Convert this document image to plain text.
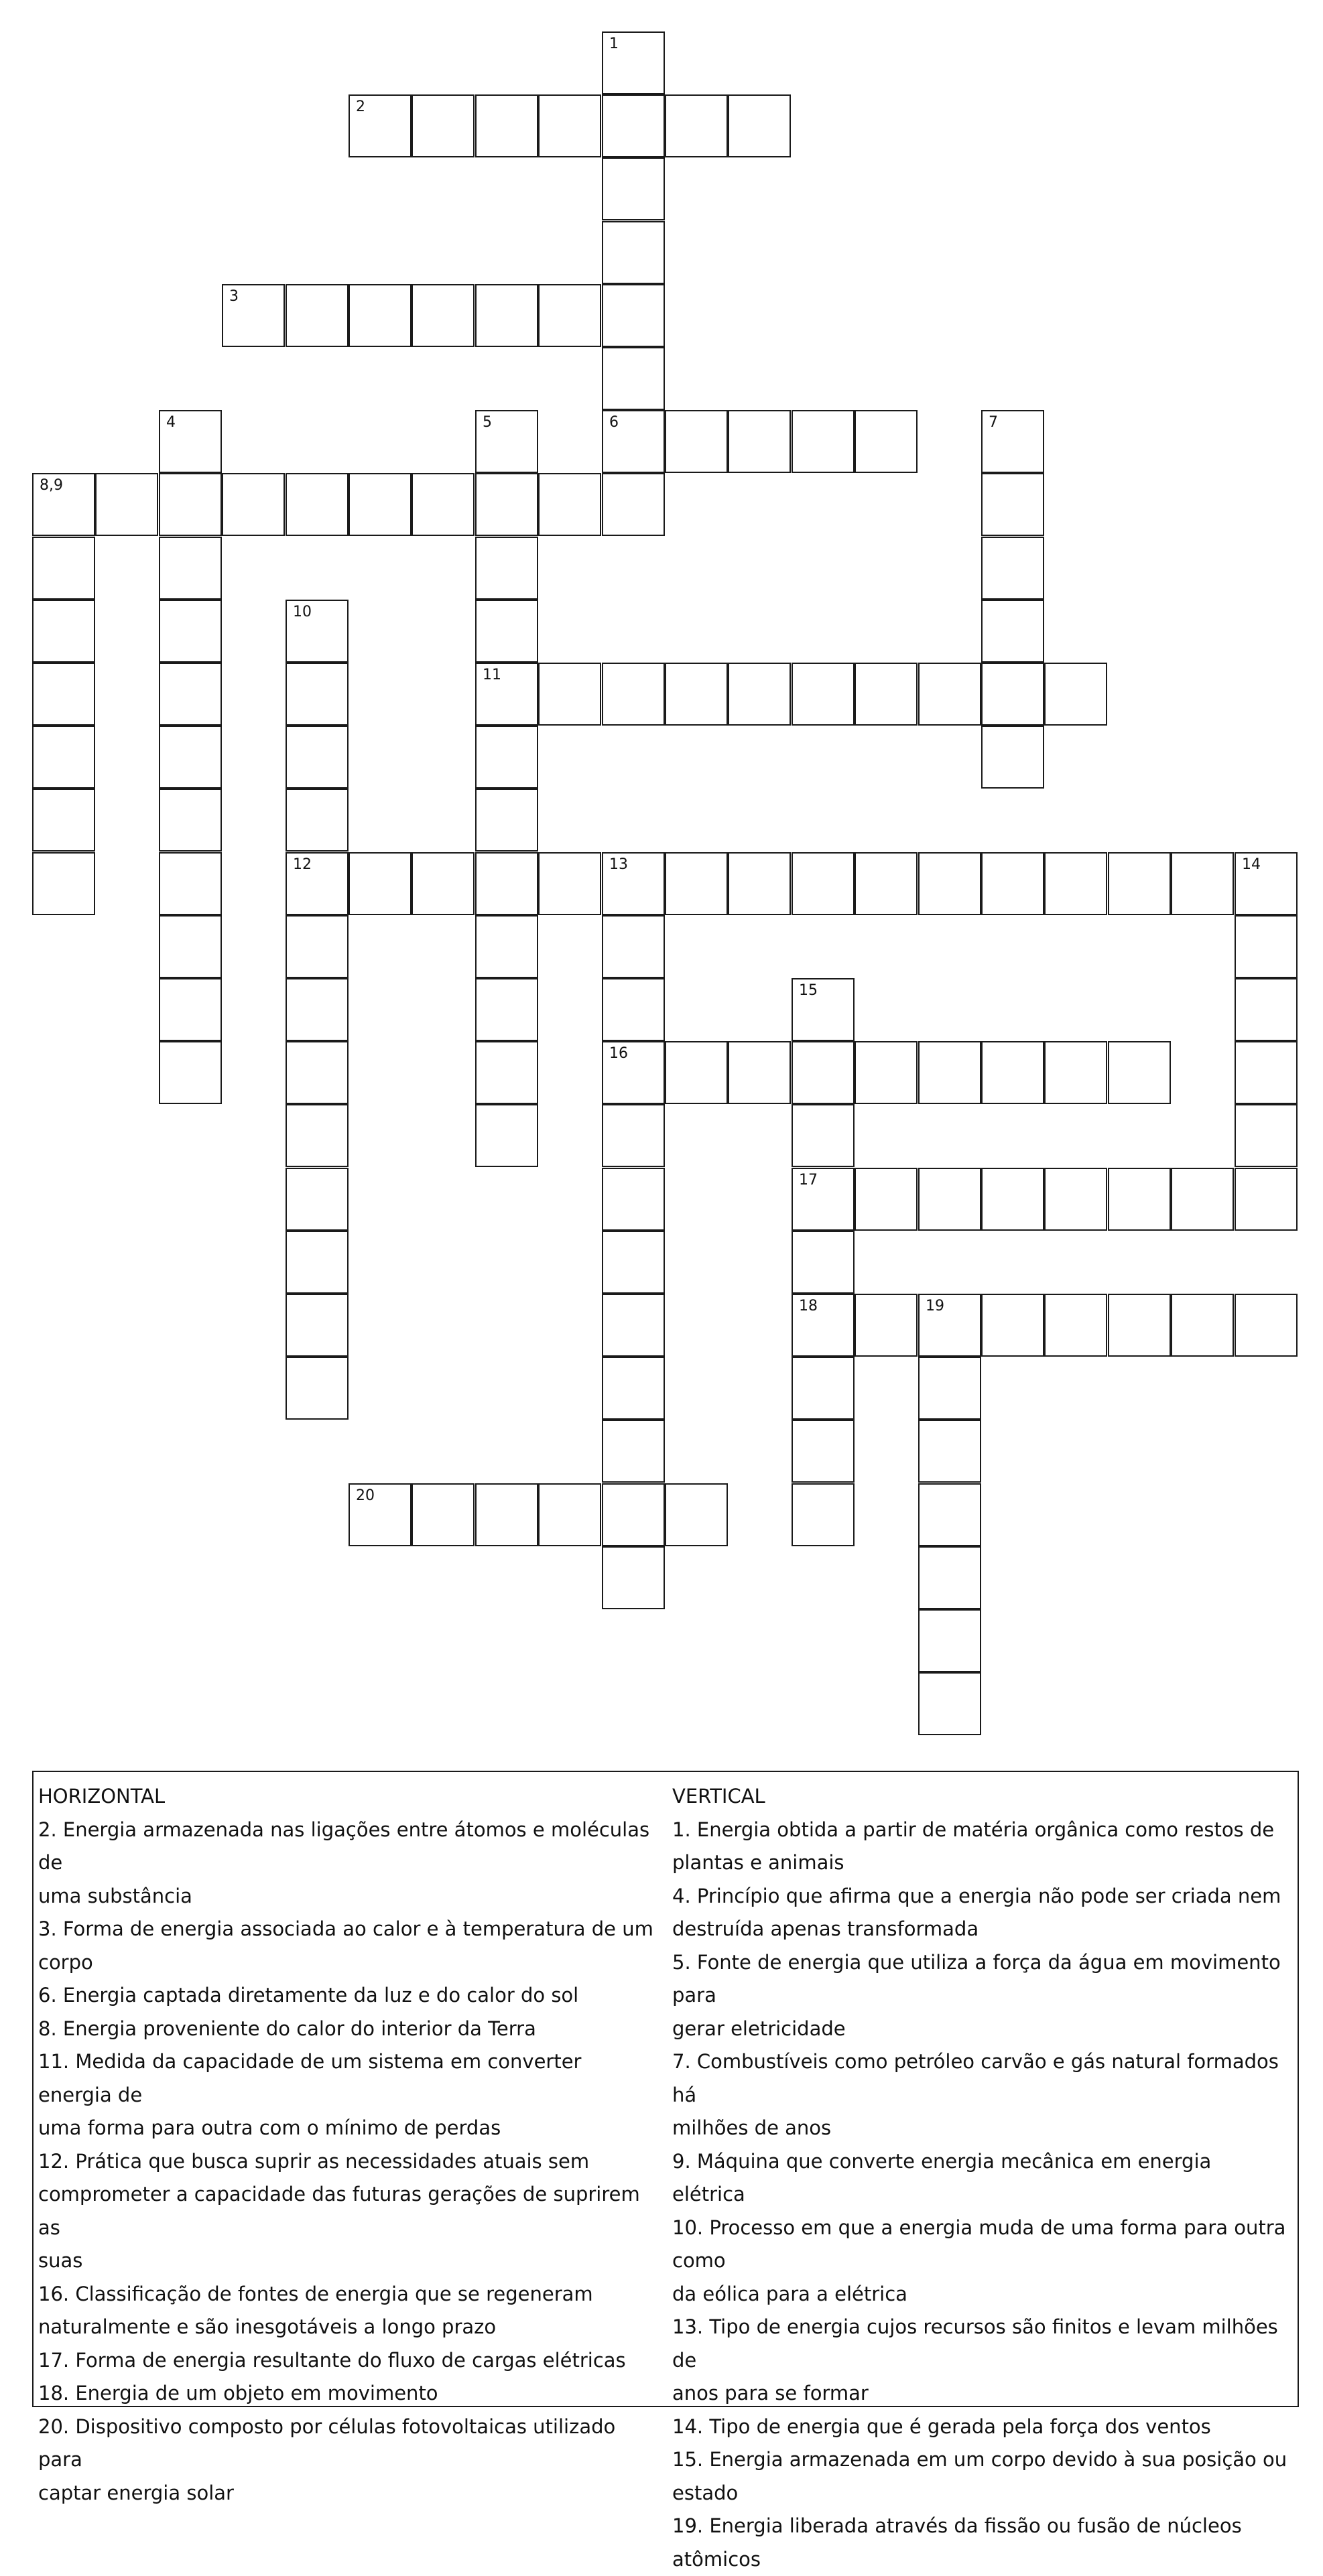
1
2
3
4	5	6	7
8,9
10
11
12	13	14
15
16
17
18	19
20
HORIZONTAL
2. Energia armazenada nas ligações entre átomos e moléculas de
uma substância
3. Forma de energia associada ao calor e à temperatura de um corpo
6. Energia captada diretamente da luz e do calor do sol
8. Energia proveniente do calor do interior da Terra
11. Medida da capacidade de um sistema em converter energia de
uma forma para outra com o mínimo de perdas
12. Prática que busca suprir as necessidades atuais sem
comprometer a capacidade das futuras gerações de suprirem as
suas
16. Classificação de fontes de energia que se regeneram
naturalmente e são inesgotáveis a longo prazo
17. Forma de energia resultante do fluxo de cargas elétricas
18. Energia de um objeto em movimento
20. Dispositivo composto por células fotovoltaicas utilizado para
captar energia solar
VERTICAL
1. Energia obtida a partir de matéria orgânica como restos de
plantas e animais
4. Princípio que afirma que a energia não pode ser criada nem
destruída apenas transformada
5. Fonte de energia que utiliza a força da água em movimento para
gerar eletricidade
7. Combustíveis como petróleo carvão e gás natural formados há
milhões de anos
9. Máquina que converte energia mecânica em energia elétrica
10. Processo em que a energia muda de uma forma para outra como
da eólica para a elétrica
13. Tipo de energia cujos recursos são finitos e levam milhões de
anos para se formar
14. Tipo de energia que é gerada pela força dos ventos
15. Energia armazenada em um corpo devido à sua posição ou
estado
19. Energia liberada através da fissão ou fusão de núcleos atômicos
